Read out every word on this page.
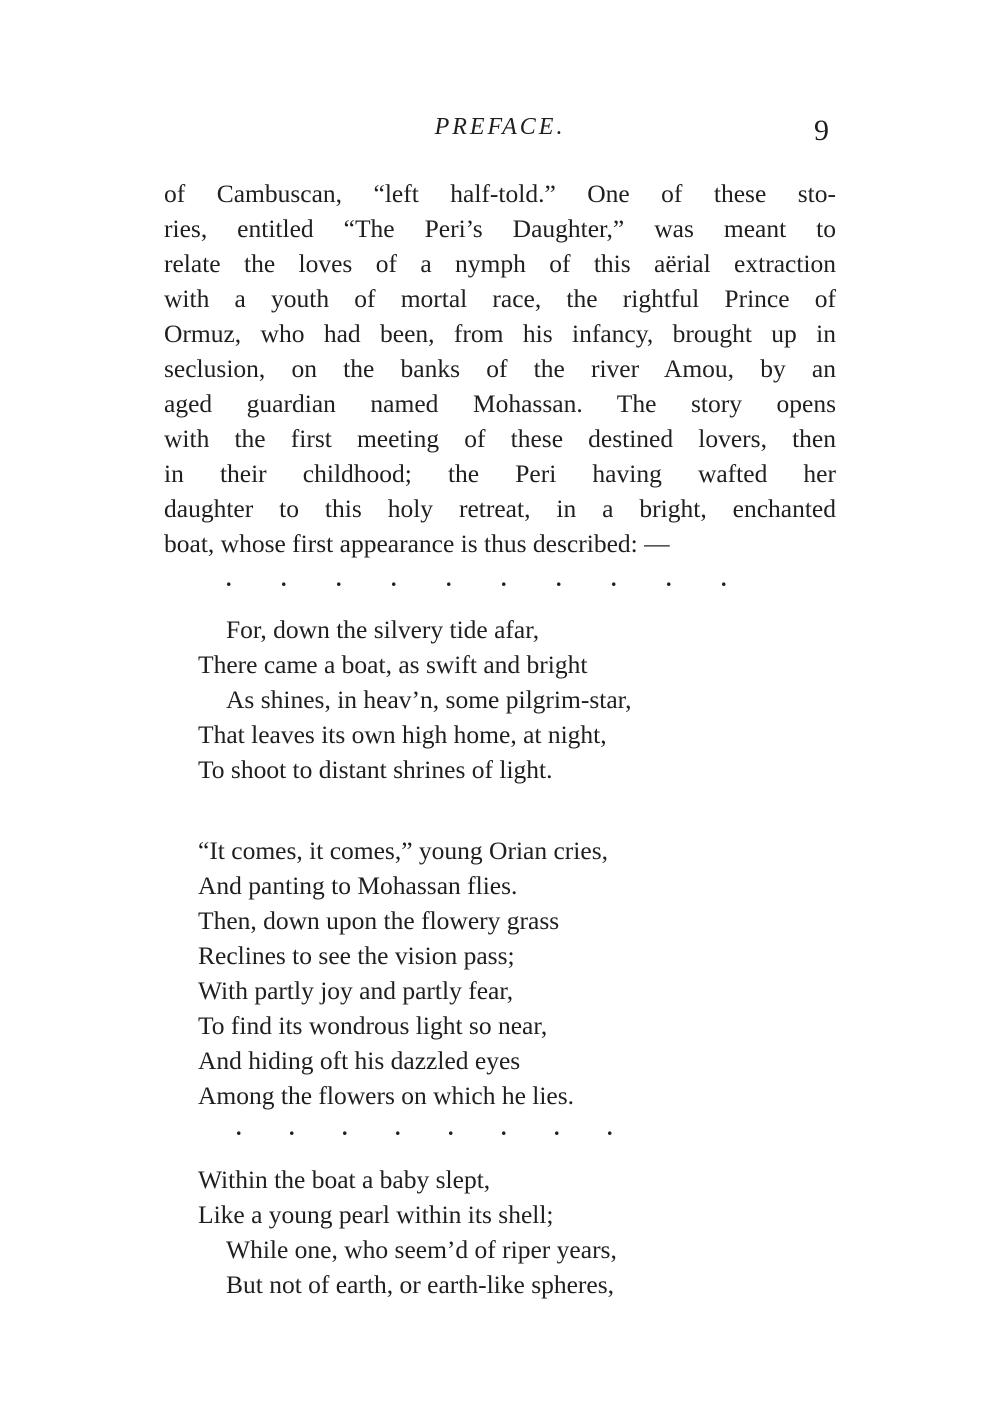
PREFACE.	9
of Cambuscan, “left half-told.” One of these sto-
ries, entitled “The Peri’s Daughter,” was meant to
relate the loves of a nymph of this aërial extraction
with a youth of mortal race, the rightful Prince of
Ormuz, who had been, from his infancy, brought up in
seclusion, on the banks of the river Amou, by an
aged guardian named Mohassan. The story opens
with the first meeting of these destined lovers, then
in their childhood; the Peri having wafted her
daughter to this holy retreat, in a bright, enchanted
boat, whose first appearance is thus described: —
. . . . . . . . . .
For, down the silvery tide afar,
There came a boat, as swift and bright
As shines, in heav’n, some pilgrim-star,
That leaves its own high home, at night,
To shoot to distant shrines of light.
“It comes, it comes,” young Orian cries,
And panting to Mohassan flies.
Then, down upon the flowery grass
Reclines to see the vision pass;
With partly joy and partly fear,
To find its wondrous light so near,
And hiding oft his dazzled eyes
Among the flowers on which he lies.
. . . . . . . .
Within the boat a baby slept,
Like a young pearl within its shell;
While one, who seem’d of riper years,
But not of earth, or earth-like spheres,
